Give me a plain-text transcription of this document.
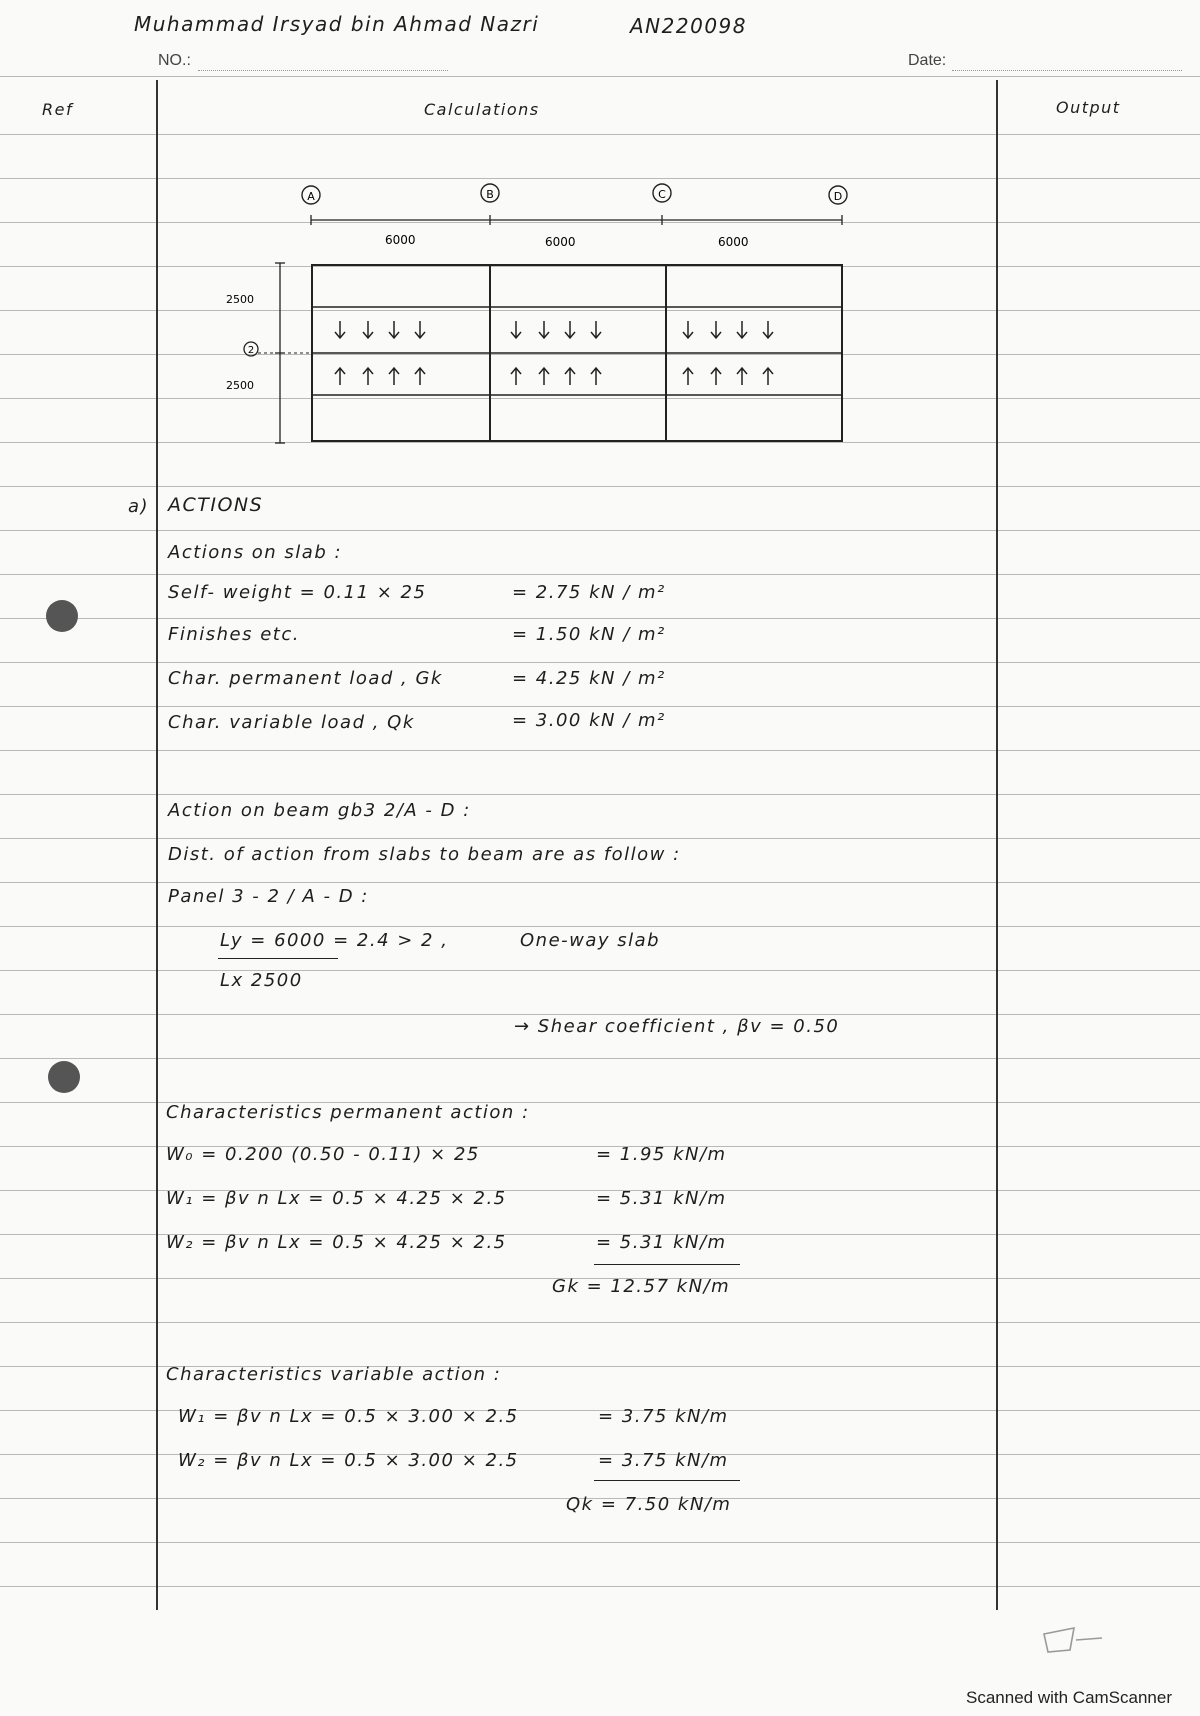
Muhammad Irsyad bin Ahmad Nazri	AN220098
NO.:	Date:
Ref	Calculations	Output
A	B	C	D
6000	6000	6000
2500
2500
2
a) ACTIONS
Actions on slab :
Self- weight = 0.11 × 25	= 2.75 kN / m²
Finishes etc.	= 1.50 kN / m²
Char. permanent load , Gk	= 4.25 kN / m²
Char. variable load , Qk	= 3.00 kN / m²
Action on beam gb3 2/A - D :
Dist. of action from slabs to beam are as follow :
Panel 3 - 2 / A - D :
Ly = 6000 = 2.4 > 2 ,
Lx 2500
One-way slab
→ Shear coefficient , βv = 0.50
Characteristics permanent action :
W₀ = 0.200 (0.50 - 0.11) × 25	= 1.95 kN/m
W₁ = βv n Lx = 0.5 × 4.25 × 2.5	= 5.31 kN/m
W₂ = βv n Lx = 0.5 × 4.25 × 2.5	= 5.31 kN/m
Gk = 12.57 kN/m
Characteristics variable action :
W₁ = βv n Lx = 0.5 × 3.00 × 2.5	= 3.75 kN/m
W₂ = βv n Lx = 0.5 × 3.00 × 2.5	= 3.75 kN/m
Qk = 7.50 kN/m
Scanned with CamScanner
